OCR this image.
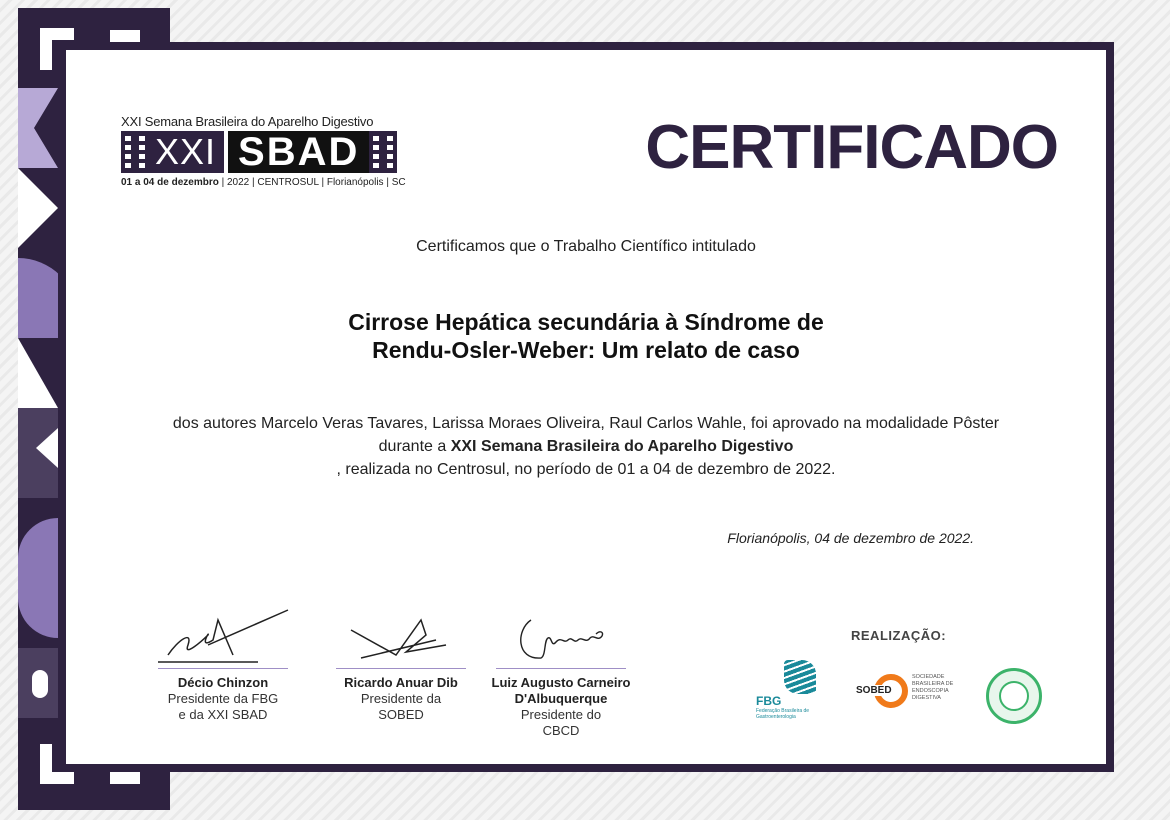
XXI Semana Brasileira do Aparelho Digestivo
XXI SBAD
01 a 04 de dezembro | 2022 | CENTROSUL | Florianópolis | SC
CERTIFICADO
Certificamos que o Trabalho Científico intitulado
Cirrose Hepática secundária à Síndrome de
Rendu-Osler-Weber: Um relato de caso
dos autores Marcelo Veras Tavares, Larissa Moraes Oliveira, Raul Carlos Wahle, foi aprovado na modalidade Pôster durante a XXI Semana Brasileira do Aparelho Digestivo
, realizada no Centrosul, no período de 01 a 04 de dezembro de 2022.
Florianópolis, 04 de dezembro de 2022.
Décio Chinzon
Presidente da FBG
e da XXI SBAD
Ricardo Anuar Dib
Presidente da
SOBED
Luiz Augusto Carneiro
D'Albuquerque
Presidente do
CBCD
REALIZAÇÃO:
FBG
Federação Brasileira de Gastroenterologia
SOBED
SOCIEDADE BRASILEIRA DE ENDOSCOPIA DIGESTIVA
